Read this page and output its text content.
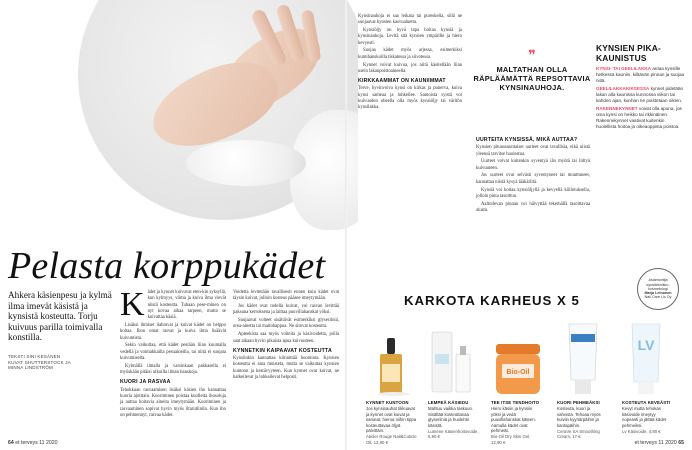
Pelasta korppukädet
Ahkera käsienpesu ja kylmä ilma imevät käsistä ja kynsistä kosteutta. Torju kuivuus parilla toimivalla konstilla.
TEKSTI SINI KESÄNEN
KUVAT SHUTTERSTOCK JA
MINNA LINDSTRÖM
K ädet ja kynnet kuivuvat eten-kin syksyllä, kun kylmyys, viima ja kuiva ilma vievät niistä kosteutta. Tuhaan pese-minen on nyt kovaa aikaa tarpeen, mutta se kuivattaa käsiä.

Lisäksi ihmiset ilahtuvat ja kuivat kädet on helppo hoitaa. Ihon omat rasvat ja kuiva ilma lisäävät kuivumista.

Sekin vaikuttaa, että kädet pestään liian kuumalla vedellä ja voimakkailla pesuaineilla, tai niitä ei suojata kuivumiselta.

Kylmällä ilmalla ja varsinkaan pakkasella ei myöskään pitäisi ulkoilla ilman hanskoja.

KUORI JA RASVAA

Tehokkaan rasvaamisen lisäksi käsien iho kannattaa kuoria ajoittain. Kuoriminen poistaa kuolleita ihosoluja ja auttaa hoitavia aineita imeytymään. Kuoriminen ja rasvaaminen sopivat hyvin myös iltarutiiniin. Kun iho on pehmennyt, rasvaa kädet.

Voidetta levitetään tavallisesti ennen kuin kädet ovat täysin kuivat, jolloin kosteus pääsee imeytymään.

Jos kädet ovat todella kuivat, voi rasvan levittää paksuna kerroksena ja laittaa puuvillahanskat yöksi.

Suojaavat voiteet sisältävät esimerkiksi glyseriiniä, urea-ainetta tai maitohappoa. Ne sitovat kosteutta.

Apteekista saa myös voiteita ja käsivoidetta, joilla saat aikaan hyvin pikaista apua kuivuuteen.

KYNNETKIN KAIPAAVAT KOSTEUTTA

Kynsiinkin kannattaa kiinnittää huomiota. Kynsien kosteutta ei aina muisteta, mutta se vaikuttaa kynsien kuntoon ja kestävyyteen. Kun kynnet ovat kuivat, ne halkeilevat ja lohkeilevat helposti.

64 et terveys 11 2020

Kynsinauhoja ei saa leikata tai pureskella, sillä ne suojaavat kynsien kasvualuetta.

Kynsiöljy on hyvä tapa hoitaa kynsiä ja kynsinauhoja. Levitä sitä kynsien ympärille ja hiero kevyesti.

Suojaa kädet myös arjessa, esimerkiksi kumihanskoilla tiskatessa ja siivotessa.

Kynnet voivat kuivua, jos niitä käsitellään liian usein lakanpoistoaineella.

KIRKKAAMMAT ON KAUNIIMMAT

Terve, hyvinvoiva kynsi on kirkas ja punerva, kuiva kynsi sameaa ja lohkeilee. Samoista syistä voi kuivuuden oheella olla myös kynsiöljy tai väritön kynsilakka.

❞
MALTATHAN OLLA RÄPLÄÄMÄTTÄ REPSOTTAVIA KYNSINAUHOJA.
UURTEITA KYNSISSÄ, MIKÄ AUTTAA?

Kynsien pituussuuntaiset uurteet ovat tavallisia, eikä niistä yleensä tarvitse huolestua.

Uurteet voivat kuitenkin syventyä iän myötä tai liittyä kuivuuteen.

Jos uurteet ovat selvästi syventyneet tai muuttuneet, kannattaa niistä kysyä lääkäriltä.

Kynsiä voi hoitaa kynsiöljyllä ja kevyellä kiillotuksella, jolloin pinta tasoittuu.

Aaltoilevan pinnan voi häivyttää tekemällä tasoittavaa alusta.

KYNSIEN PIKA-KAUNISTUS

KYNSI- TAI GEELILAKKA antaa kynsille hetkessä kauniin, kiiltävän pinnan ja suojaa niitä.

GEELILAKKAKIKSESSA kynnet pidetään lakan alla kaunissa kunnossa viikon tai kahden ajan, kunhan ne poistetaan oikein.

RAKENNEKYNNET voivat olla apuna, jos oma kynsi on heikko tai rikkinäinen. Rakennekynnet vaativat kuitenkin huolellista hoitoa ja oikeaoppista poistoa.

Asiantuntija
kynsiteknikko,
kosmetologi
Marja Leinonen
Nail Care Lic Oy
KARKOTA KARHEUS X 5
Bio-Oil
LV
KYNNET KUNTOON
Jos kynsinauhat tikkuavat ja kynnet ovat kuivat ja sameat, hieroa niihin tippa kosteuttavaa öljyä päivittäin.
Atelier Rouge Nail&Cuticle Oil, 12,90 €
LEMPEÄ KÄSIEDU
Mahtuu vaikka taskuun. Sisältää kosteuttavaa glyseriiniä ja huolehtii käsistä.
Lumene Käsienhoitovoide, 5,90 €
TEE ITSE TENDHOITO
Hiero käsiin ja kynsiin yöksi ja vedä puuvillahanskat käteen. Aamulla kädet ovat pehmeät.
Bio-Oil Dry Skin Gel, 12,90 €
KUORI PEHMEÄKSI
Kosteuta, kuori ja vahvista. Tehoaa myös kuiviin kyynärpäihin ja kantapäihin.
CeraVe SA Smoothing Cream, 17 €
KOSTEUTA KEVEÄSTI
Kevyt mutta tehokas käsivoide imeytyy nopeasti ja jättää kädet pehmeiksi.
Lv Käsivoide, 4,80 €
et terveys 11 2020 65
